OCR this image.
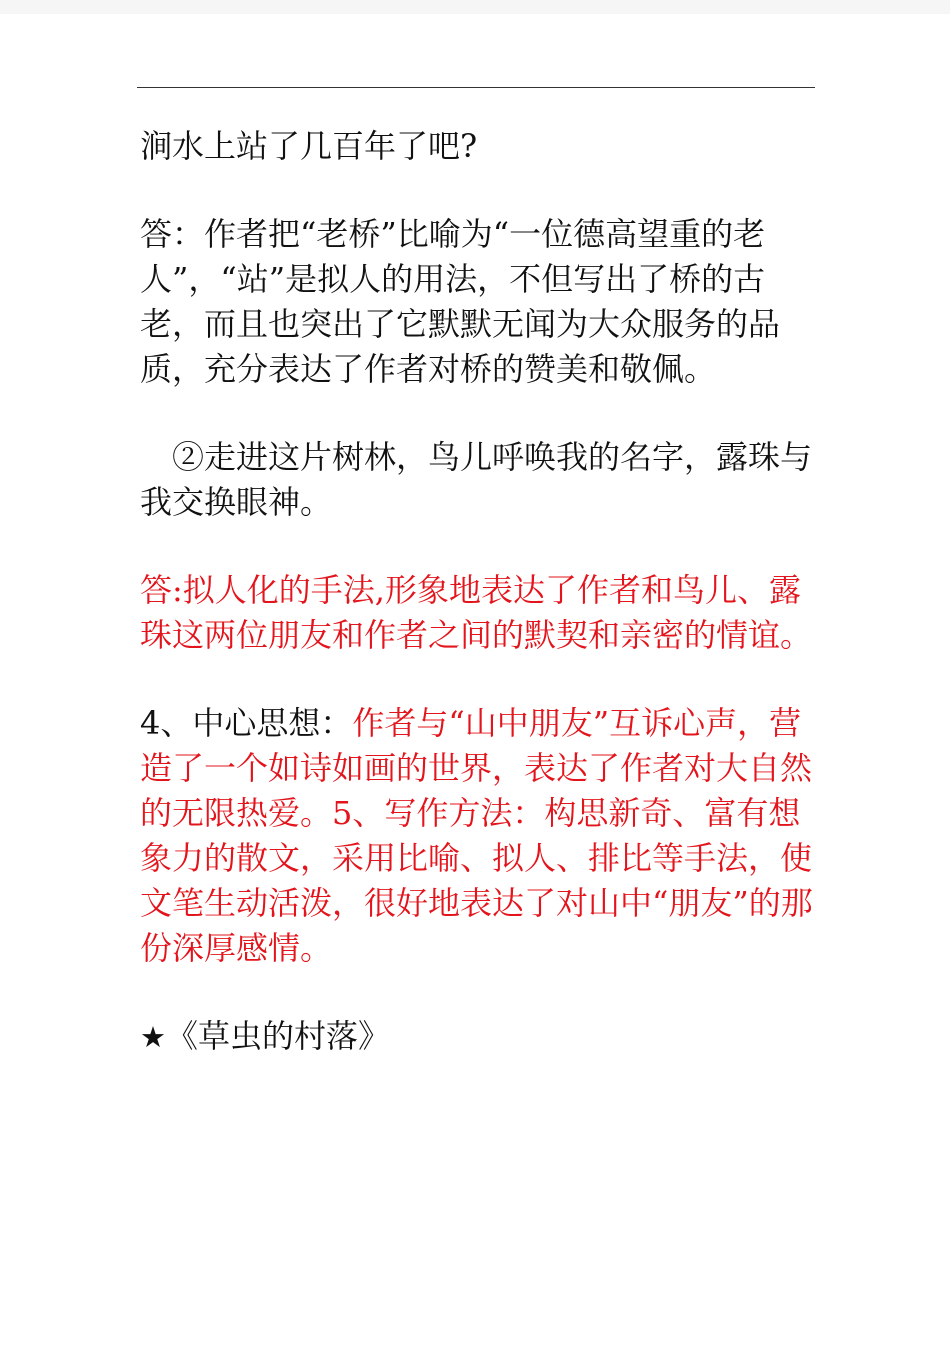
涧水上站了几百年了吧?

答：作者把“老桥”比喻为“一位德高望重的老人”，“站”是拟人的用法，不但写出了桥的古老，而且也突出了它默默无闻为大众服务的品质，充分表达了作者对桥的赞美和敬佩。

②走进这片树林，鸟儿呼唤我的名字，露珠与我交换眼神。

答:拟人化的手法,形象地表达了作者和鸟儿、露珠这两位朋友和作者之间的默契和亲密的情谊。

4、中心思想：作者与“山中朋友”互诉心声，营造了一个如诗如画的世界，表达了作者对大自然的无限热爱。5、写作方法：构思新奇、富有想象力的散文，采用比喻、拟人、排比等手法，使文笔生动活泼，很好地表达了对山中“朋友”的那份深厚感情。

★《草虫的村落》
